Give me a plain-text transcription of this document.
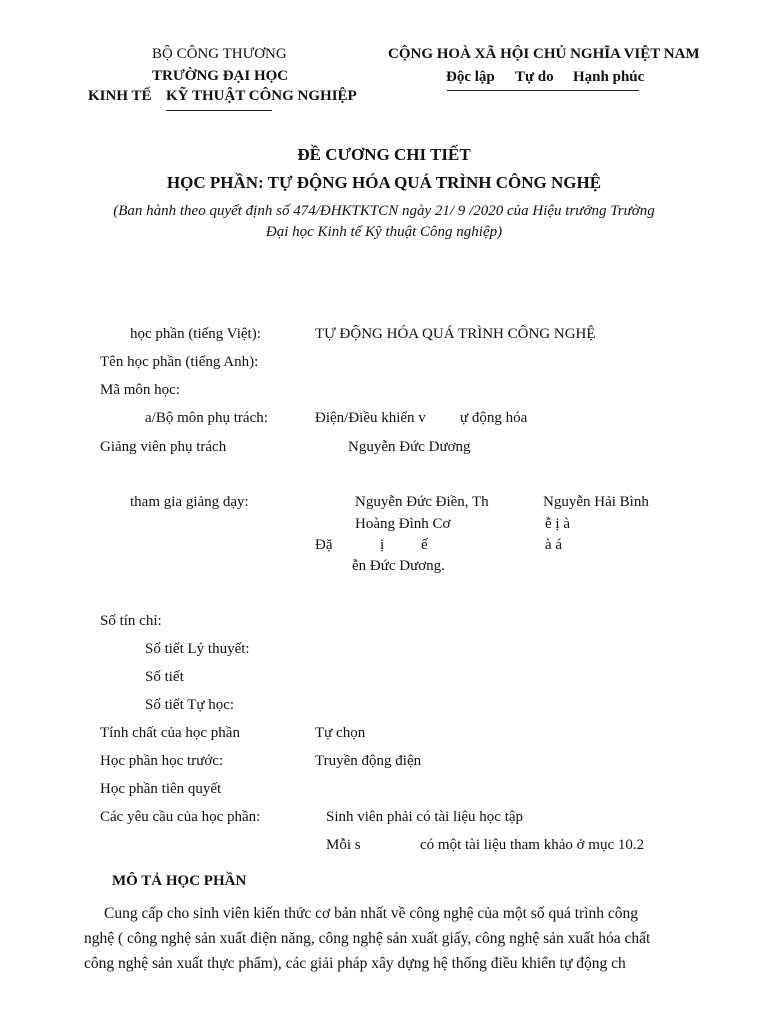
BỘ CÔNG THƯƠNG
TRƯỜNG ĐẠI HỌC
KINH TẾ KỸ THUẬT CÔNG NGHIỆP
CỘNG HOÀ XÃ HỘI CHỦ NGHĨA VIỆT NAM
Độc lập Tự do Hạnh phúc
ĐỀ CƯƠNG CHI TIẾT
HỌC PHẦN: TỰ ĐỘNG HÓA QUÁ TRÌNH CÔNG NGHỆ
(Ban hành theo quyết định số 474/ĐHKTKTCN ngày 21/ 9 /2020 của Hiệu trưởng Trường
Đại học Kinh tế Kỹ thuật Công nghiệp)
học phần (tiếng Việt):	TỰ ĐỘNG HÓA QUÁ TRÌNH CÔNG NGHỆ
Tên học phần (tiếng Anh):
Mã môn học:
a/Bộ môn phụ trách:	Điện/Điều khiển v ự động hóa
Giảng viên phụ trách	Nguyễn Đức Dương
tham gia giảng dạy:	Nguyễn Đức Điền, Th	Nguyễn Hải Bình
Hoàng Đình Cơ	ễ ị à
Đặ	ị ế	à á
ễn Đức Dương.
Số tín chỉ:
Số tiết Lý thuyết:
Số tiết
Số tiết Tự học:
Tính chất của học phần	Tự chọn
Học phần học trước:	Truyền động điện
Học phần tiên quyết
Các yêu cầu của học phần:	Sinh viên phải có tài liệu học tập
Mỗi s	có một tài liệu tham khảo ở mục 10.2
MÔ TẢ HỌC PHẦN
Cung cấp cho sinh viên kiến thức cơ bản nhất về công nghệ của một số quá trình công
nghệ ( công nghệ sản xuất điện năng, công nghệ sản xuất giấy, công nghệ sản xuất hóa chất
công nghệ sản xuất thực phẩm), các giải pháp xây dựng hệ thống điều khiển tự động ch
